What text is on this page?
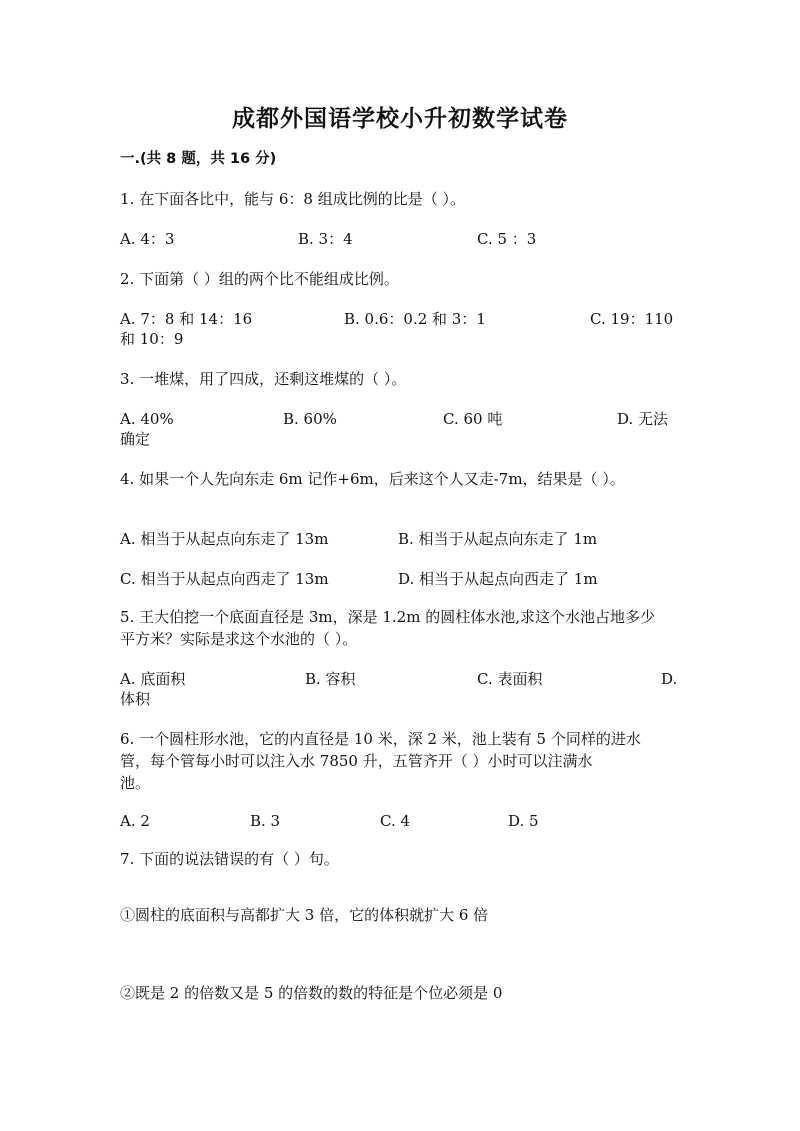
成都外国语学校小升初数学试卷
一.(共 8 题，共 16 分)
1. 在下面各比中，能与 6：8 组成比例的比是（ ）。
A. 4：3	B. 3：4	C. 5 ：3
2. 下面第（ ）组的两个比不能组成比例。
A. 7：8 和 14：16	B. 0.6：0.2 和 3：1	C. 19：110
和 10：9
3. 一堆煤，用了四成，还剩这堆煤的（ ）。
A. 40%	B. 60%	C. 60 吨	D. 无法
确定
4. 如果一个人先向东走 6m 记作+6m，后来这个人又走-7m，结果是（ ）。
A. 相当于从起点向东走了 13m	B. 相当于从起点向东走了 1m
C. 相当于从起点向西走了 13m	D. 相当于从起点向西走了 1m
5. 王大伯挖一个底面直径是 3m，深是 1.2m 的圆柱体水池,求这个水池占地多少
平方米？实际是求这个水池的（ ）。
A. 底面积	B. 容积	C. 表面积	D.
体积
6. 一个圆柱形水池，它的内直径是 10 米，深 2 米，池上装有 5 个同样的进水
管，每个管每小时可以注入水 7850 升，五管齐开（ ）小时可以注满水
池。
A. 2	B. 3	C. 4	D. 5
7. 下面的说法错误的有（ ）句。
①圆柱的底面积与高都扩大 3 倍，它的体积就扩大 6 倍
②既是 2 的倍数又是 5 的倍数的数的特征是个位必须是 0
